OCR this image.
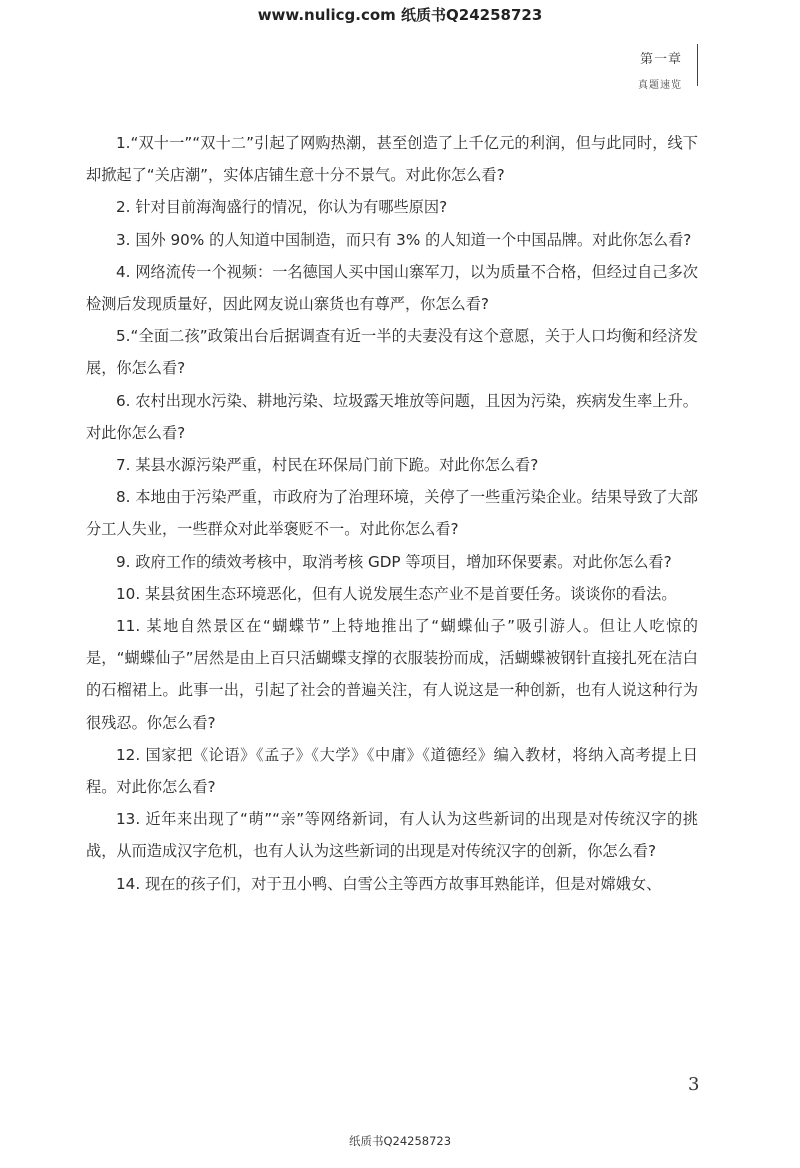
www.nulicg.com 纸质书Q24258723
第一章
真题速览

1.“双十一”“双十二”引起了网购热潮，甚至创造了上千亿元的利润，但与此同时，线下却掀起了“关店潮”，实体店铺生意十分不景气。对此你怎么看?

2. 针对目前海淘盛行的情况，你认为有哪些原因?

3. 国外 90% 的人知道中国制造，而只有 3% 的人知道一个中国品牌。对此你怎么看?

4. 网络流传一个视频：一名德国人买中国山寨军刀，以为质量不合格，但经过自己多次检测后发现质量好，因此网友说山寨货也有尊严，你怎么看?

5.“全面二孩”政策出台后据调查有近一半的夫妻没有这个意愿，关于人口均衡和经济发展，你怎么看?

6. 农村出现水污染、耕地污染、垃圾露天堆放等问题，且因为污染，疾病发生率上升。对此你怎么看?

7. 某县水源污染严重，村民在环保局门前下跪。对此你怎么看?

8. 本地由于污染严重，市政府为了治理环境，关停了一些重污染企业。结果导致了大部分工人失业，一些群众对此举褒贬不一。对此你怎么看?

9. 政府工作的绩效考核中，取消考核 GDP 等项目，增加环保要素。对此你怎么看?

10. 某县贫困生态环境恶化，但有人说发展生态产业不是首要任务。谈谈你的看法。

11. 某地自然景区在“蝴蝶节”上特地推出了“蝴蝶仙子”吸引游人。但让人吃惊的是，“蝴蝶仙子”居然是由上百只活蝴蝶支撑的衣服装扮而成，活蝴蝶被钢针直接扎死在洁白的石榴裙上。此事一出，引起了社会的普遍关注，有人说这是一种创新，也有人说这种行为很残忍。你怎么看?

12. 国家把《论语》《孟子》《大学》《中庸》《道德经》编入教材，将纳入高考提上日程。对此你怎么看?

13. 近年来出现了“萌”“亲”等网络新词，有人认为这些新词的出现是对传统汉字的挑战，从而造成汉字危机，也有人认为这些新词的出现是对传统汉字的创新，你怎么看?

14. 现在的孩子们，对于丑小鸭、白雪公主等西方故事耳熟能详，但是对嫦娥女、

3
纸质书Q24258723
